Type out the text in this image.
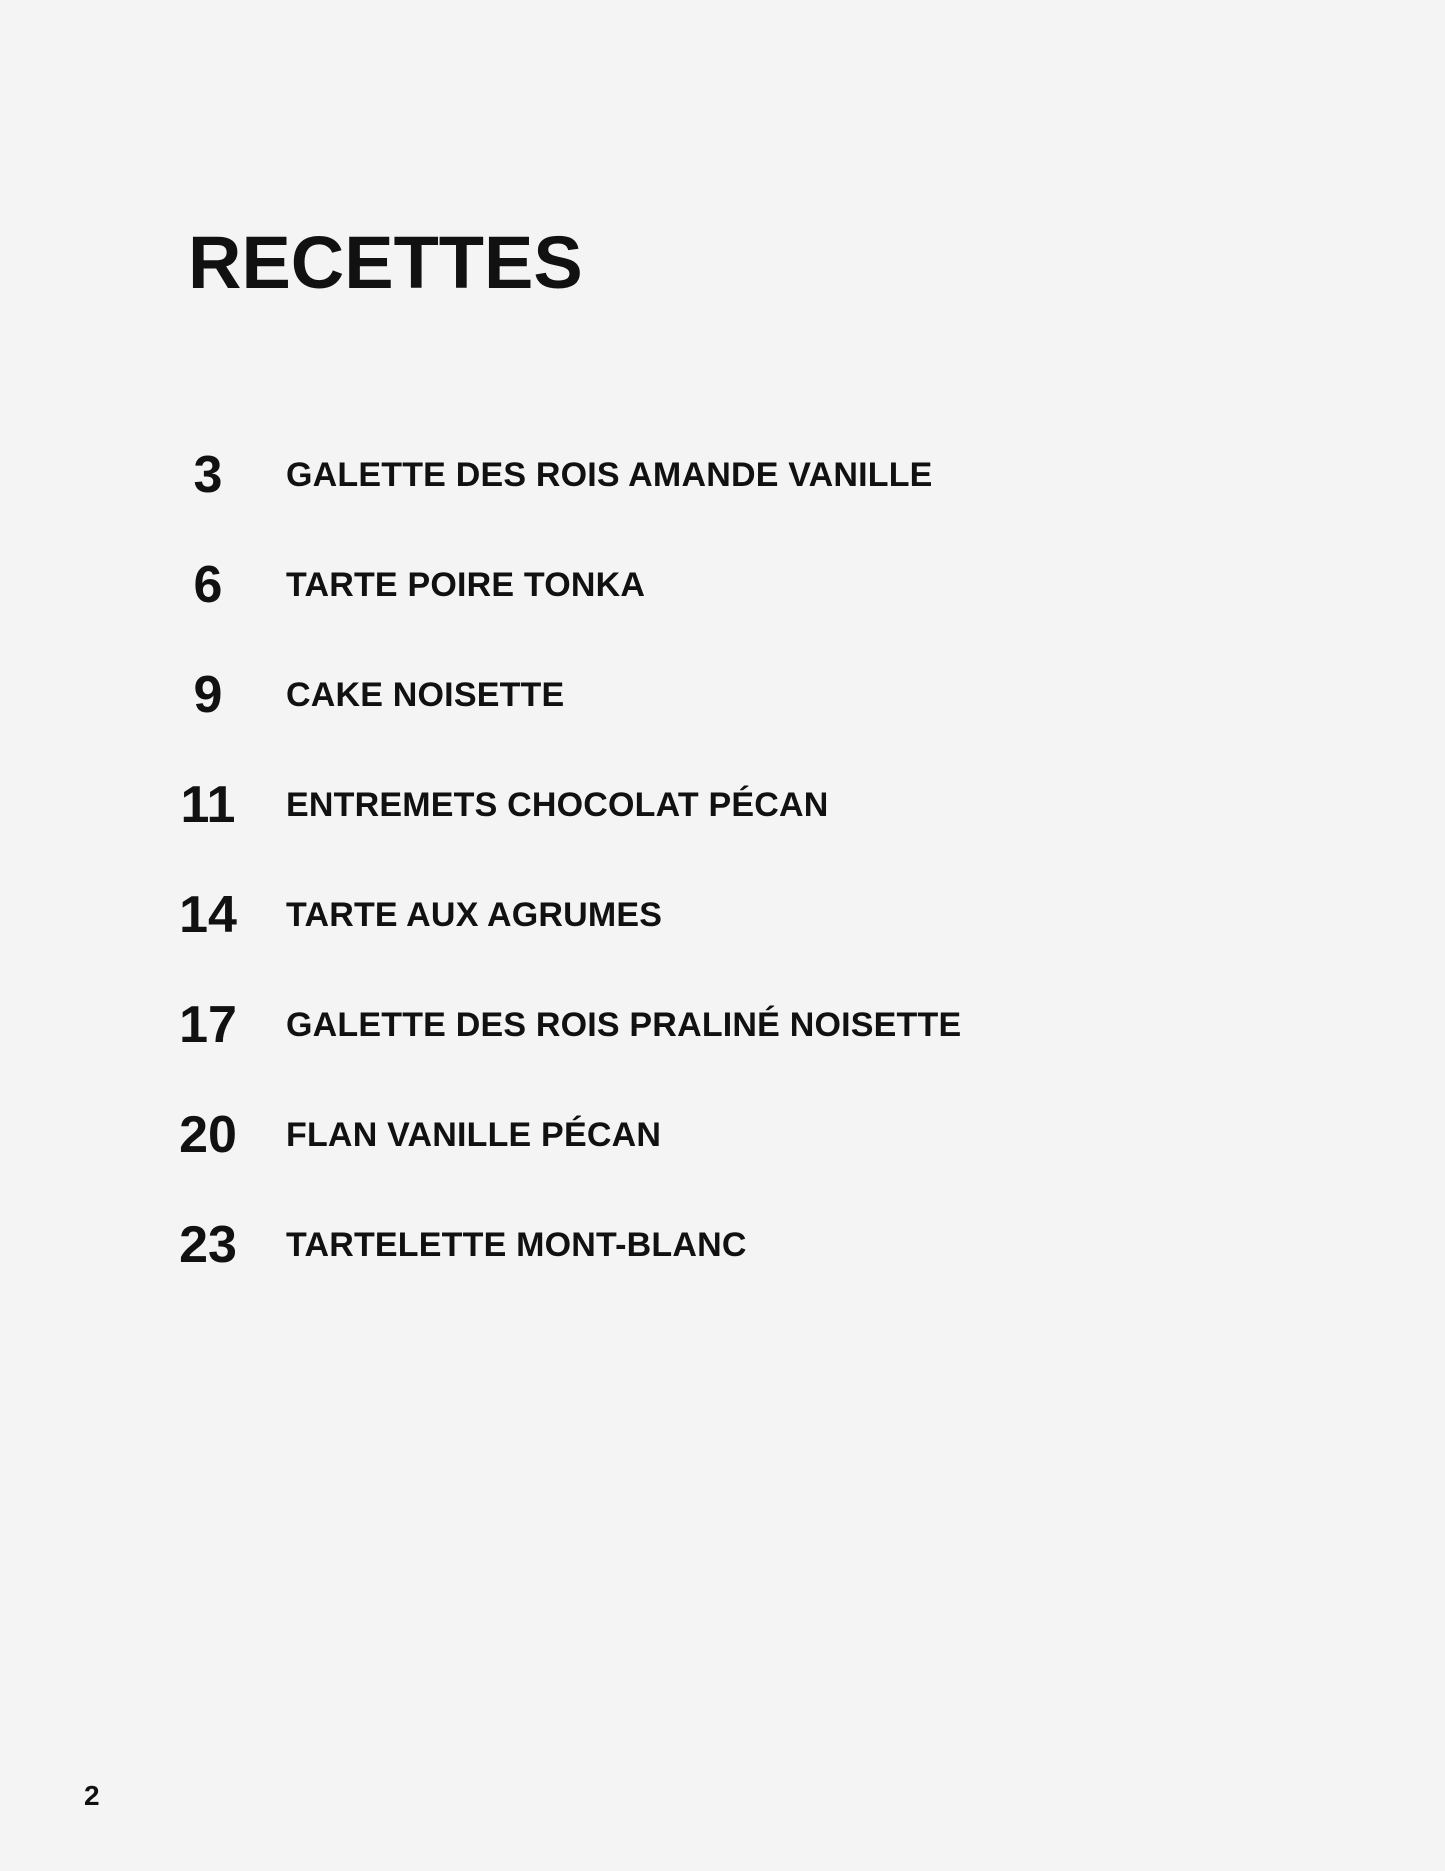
RECETTES
3	GALETTE DES ROIS AMANDE VANILLE
6	TARTE POIRE TONKA
9	CAKE NOISETTE
11	ENTREMETS CHOCOLAT PÉCAN
14	TARTE AUX AGRUMES
17	GALETTE DES ROIS PRALINÉ NOISETTE
20	FLAN VANILLE PÉCAN
23	TARTELETTE MONT-BLANC
2
